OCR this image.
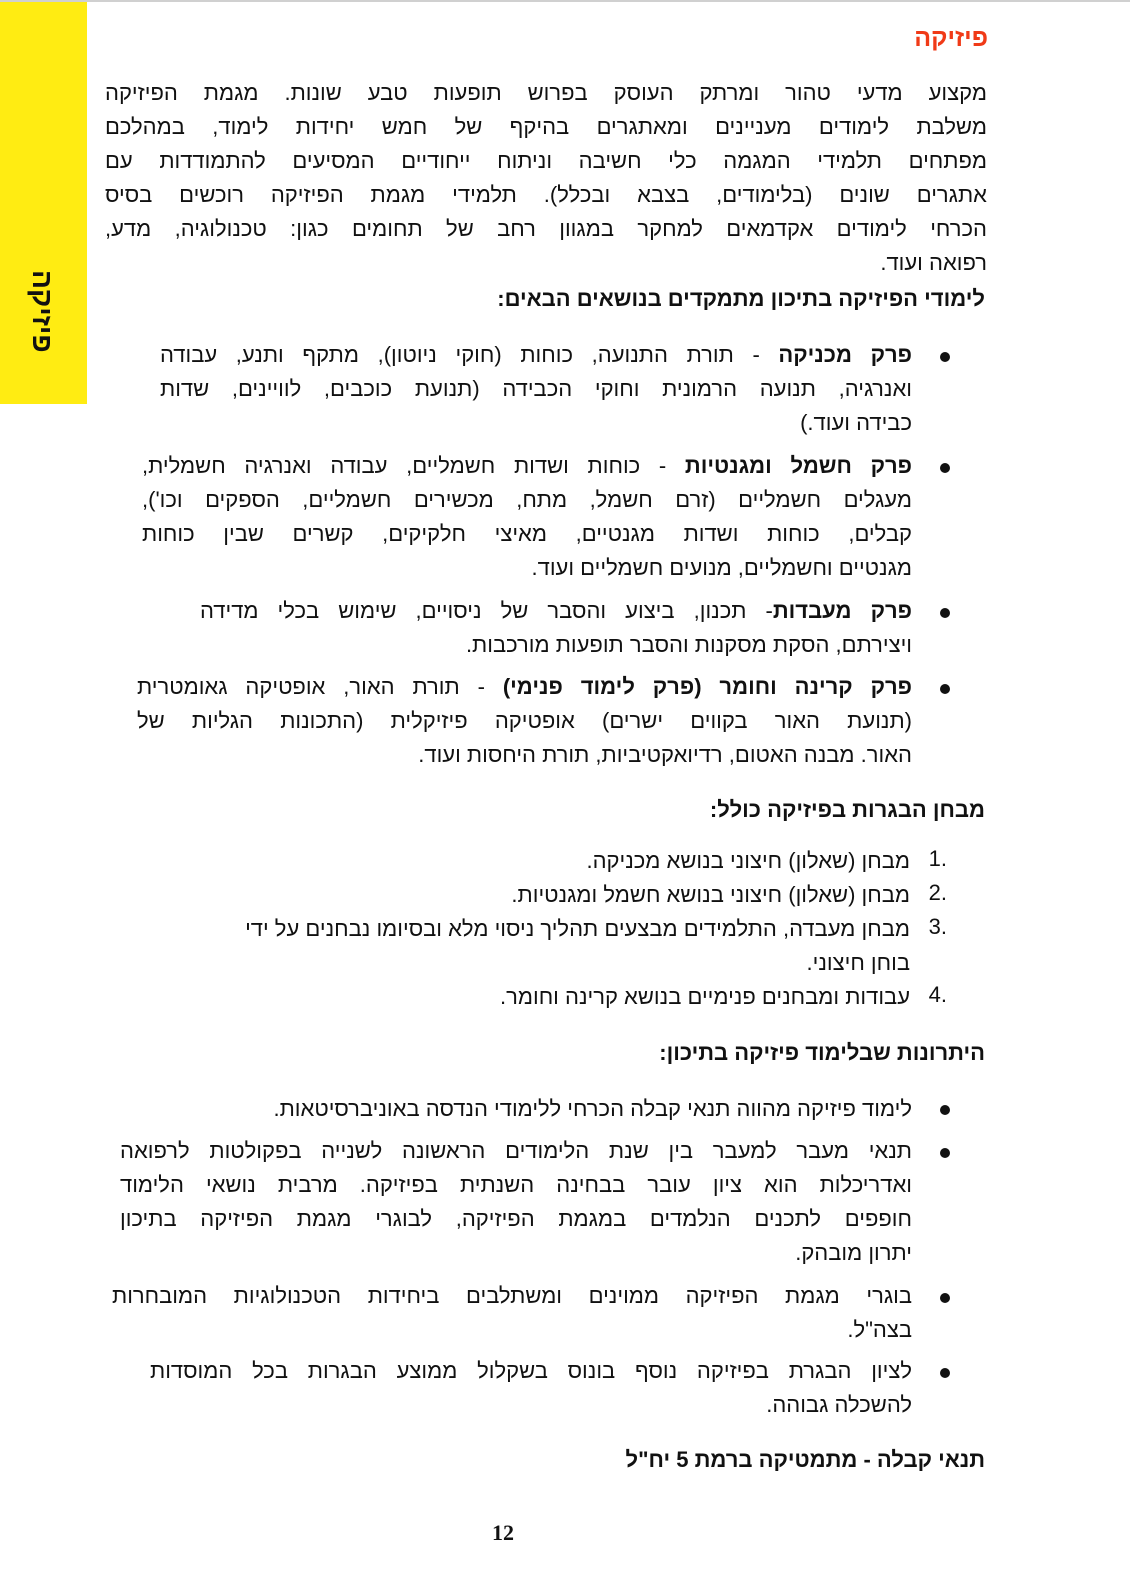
פיזיקה
פיזיקה
מקצוע מדעי טהור ומרתק העוסק בפרוש תופעות טבע שונות. מגמת הפיזיקה
משלבת לימודים מעניינים ומאתגרים בהיקף של חמש יחידות לימוד, במהלכם
מפתחים תלמידי המגמה כלי חשיבה וניתוח ייחודיים המסיעים להתמודדות עם
אתגרים שונים (בלימודים, בצבא ובכלל). תלמידי מגמת הפיזיקה רוכשים בסיס
הכרחי לימודים אקדמאים למחקר במגוון רחב של תחומים כגון: טכנולוגיה, מדע,
רפואה ועוד.
לימודי הפיזיקה בתיכון מתמקדים בנושאים הבאים:
פרק מכניקה - תורת התנועה, כוחות (חוקי ניוטון), מתקף ותנע, עבודה
ואנרגיה, תנועה הרמונית וחוקי הכבידה (תנועת כוכבים, לוויינים, שדות
כבידה ועוד.)
פרק חשמל ומגנטיות - כוחות ושדות חשמליים, עבודה ואנרגיה חשמלית,
מעגלים חשמליים (זרם חשמל, מתח, מכשירים חשמליים, הספקים וכו'),
קבלים, כוחות ושדות מגנטיים, מאיצי חלקיקים, קשרים שבין כוחות
מגנטיים וחשמליים, מנועים חשמליים ועוד.
פרק מעבדות- תכנון, ביצוע והסבר של ניסויים, שימוש בכלי מדידה
ויצירתם, הסקת מסקנות והסבר תופעות מורכבות.
פרק קרינה וחומר (פרק לימוד פנימי) - תורת האור, אופטיקה גאומטרית
(תנועת האור בקווים ישרים) אופטיקה פיזיקלית (התכונות הגליות של
האור. מבנה האטום, רדיואקטיביות, תורת היחסות ועוד.
מבחן הבגרות בפיזיקה כולל:
1.
מבחן (שאלון) חיצוני בנושא מכניקה.
2.
מבחן (שאלון) חיצוני בנושא חשמל ומגנטיות.
3.
מבחן מעבדה, התלמידים מבצעים תהליך ניסוי מלא ובסיומו נבחנים על ידי
בוחן חיצוני.
4.
עבודות ומבחנים פנימיים בנושא קרינה וחומר.
היתרונות שבלימוד פיזיקה בתיכון:
לימוד פיזיקה מהווה תנאי קבלה הכרחי ללימודי הנדסה באוניברסיטאות.
תנאי מעבר למעבר בין שנת הלימודים הראשונה לשנייה בפקולטות לרפואה
ואדריכלות הוא ציון עובר בבחינה השנתית בפיזיקה. מרבית נושאי הלימוד
חופפים לתכנים הנלמדים במגמת הפיזיקה, לבוגרי מגמת הפיזיקה בתיכון
יתרון מובהק.
בוגרי מגמת הפיזיקה ממוינים ומשתלבים ביחידות הטכנולוגיות המובחרות
בצה"ל.
לציון הבגרת בפיזיקה נוסף בונוס בשקלול ממוצע הבגרות בכל המוסדות
להשכלה גבוהה.
תנאי קבלה - מתמטיקה ברמת 5 יח"ל
12
